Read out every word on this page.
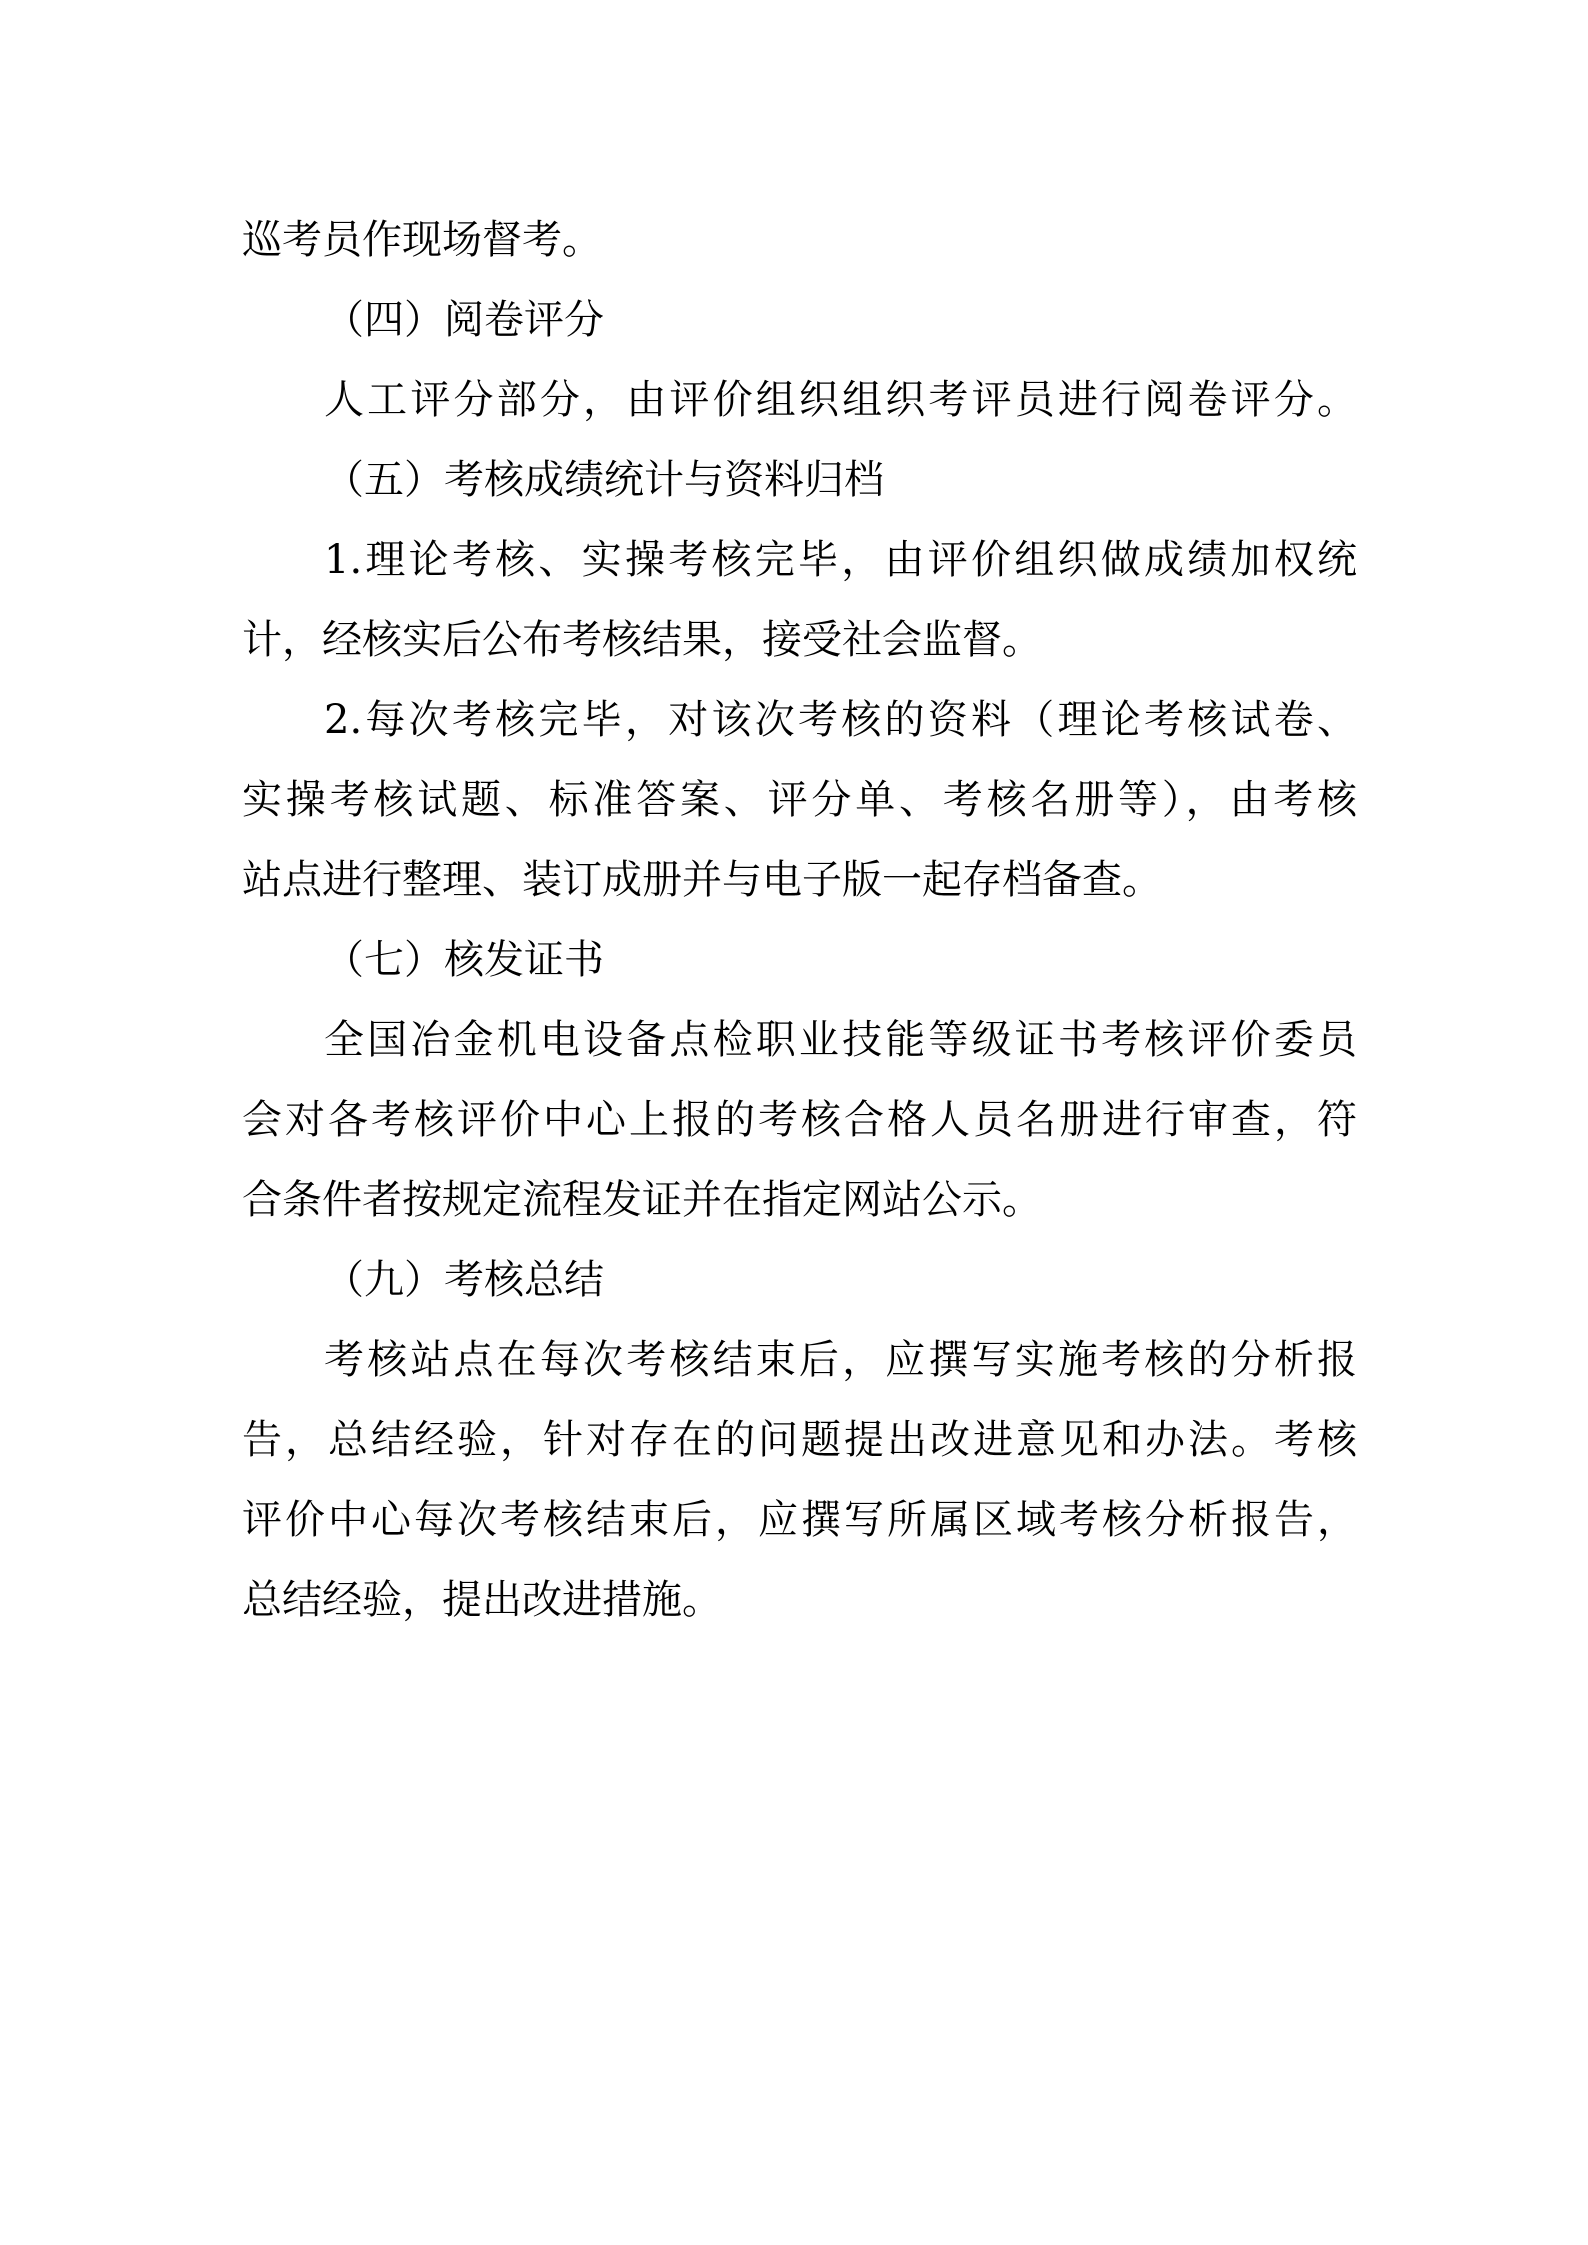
巡考员作现场督考。
（四）阅卷评分
人工评分部分，由评价组织组织考评员进行阅卷评分。
（五）考核成绩统计与资料归档
1.理论考核、实操考核完毕，由评价组织做成绩加权统
计，经核实后公布考核结果，接受社会监督。
2.每次考核完毕，对该次考核的资料（理论考核试卷、
实操考核试题、标准答案、评分单、考核名册等），由考核
站点进行整理、装订成册并与电子版一起存档备查。
（七）核发证书
全国冶金机电设备点检职业技能等级证书考核评价委员
会对各考核评价中心上报的考核合格人员名册进行审查，符
合条件者按规定流程发证并在指定网站公示。
（九）考核总结
考核站点在每次考核结束后，应撰写实施考核的分析报
告，总结经验，针对存在的问题提出改进意见和办法。考核
评价中心每次考核结束后，应撰写所属区域考核分析报告，
总结经验，提出改进措施。
